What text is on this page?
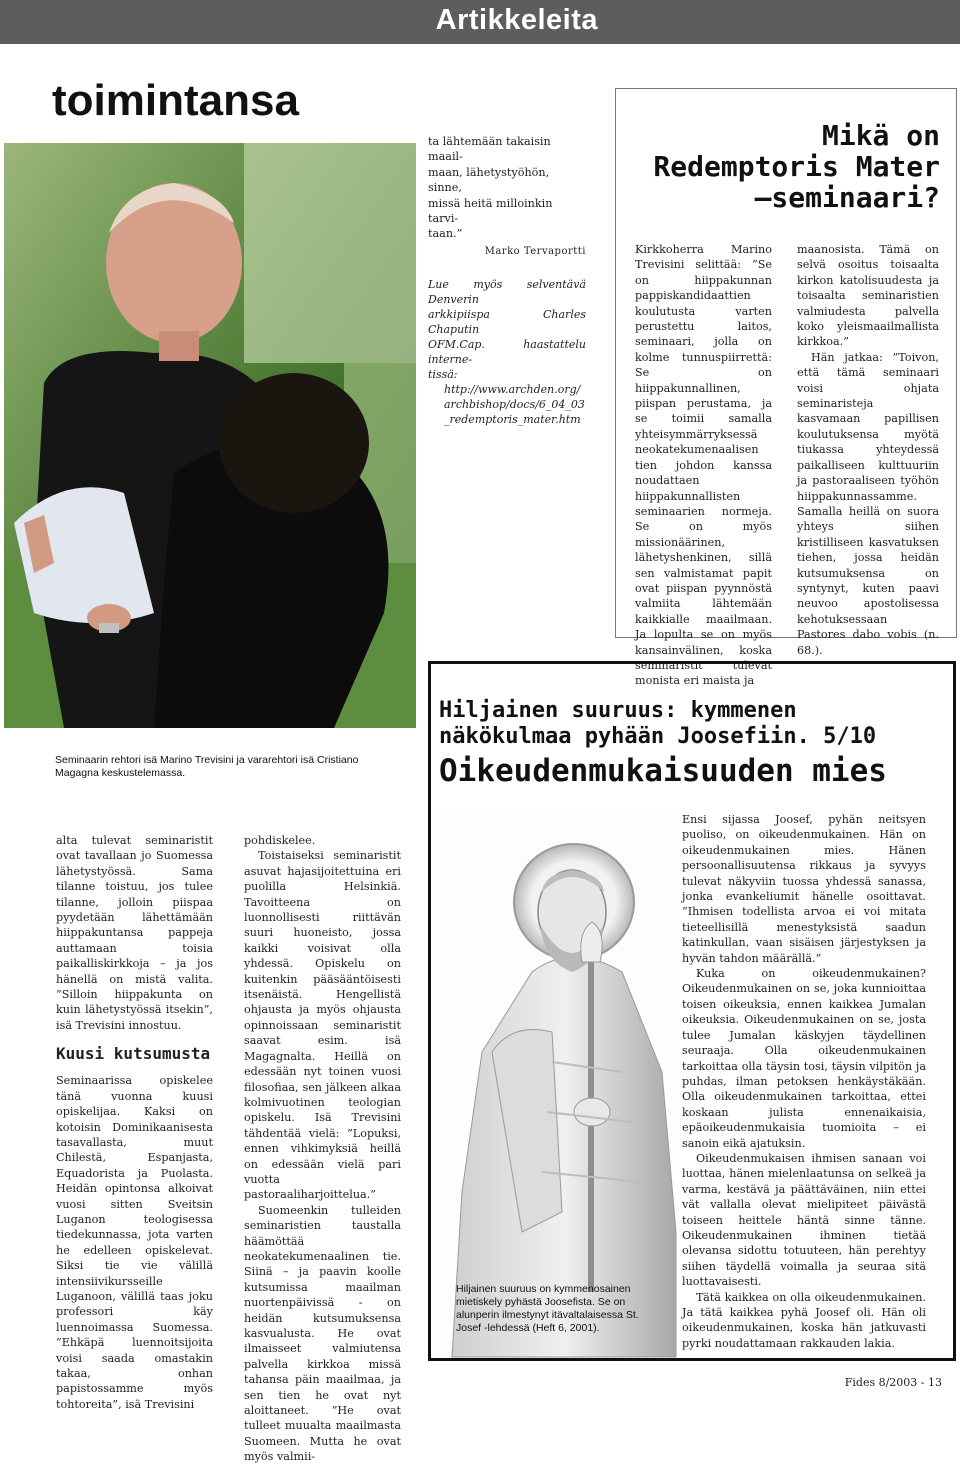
Artikkeleita
toimintansa
Seminaarin rehtori isä Marino Trevisini ja vararehtori isä Cristiano Magagna keskustelemassa.
ta lähtemään takaisin maail-
maan, lähetystyöhön, sinne,
missä heitä milloinkin tarvi-
taan.”
Marko Tervaportti
Lue myös selventävä Denverin
arkkipiispa Charles Chaputin
OFM.Cap. haastattelu interne-
tissä:
http://www.archden.org/
archbishop/docs/6_04_03
_redemptoris_mater.htm
Mikä on
Redemptoris Mater
–seminaari?

Kirkkoherra Marino Trevisini selittää: ”Se on hiippakunnan pappiskandidaattien koulutusta varten perustettu laitos, seminaari, jolla on kolme tunnuspiirrettä: Se on hiippakunnallinen, piispan perustama, ja se toimii samalla yhteisymmärryksessä neokatekumenaalisen tien johdon kanssa noudattaen hiippakunnallisten seminaarien normeja. Se on myös missionäärinen, lähetyshenkinen, sillä sen valmistamat papit ovat piispan pyynnöstä valmiita lähtemään kaikkialle maailmaan. Ja lopulta se on myös kansainvälinen, koska seminaristit tulevat monista eri maista ja

maanosista. Tämä on selvä osoitus toisaalta kirkon katolisuudesta ja toisaalta seminaristien valmiudesta palvella koko yleismaailmallista kirkkoa.”

Hän jatkaa: ”Toivon, että tämä seminaari voisi ohjata seminaristeja kasvamaan papillisen koulutuksensa myötä tiukassa yhteydessä paikalliseen kulttuuriin ja pastoraaliseen työhön hiippakunnassamme. Samalla heillä on suora yhteys siihen kristilliseen kasvatuksen tiehen, jossa heidän kutsumuksensa on syntynyt, kuten paavi neuvoo apostolisessa kehotuksessaan Pastores dabo vobis (n. 68.).

Hiljainen suuruus: kymmenen
näkökulmaa pyhään Joosefiin. 5/10
Oikeudenmukaisuuden mies
Hiljainen suuruus on kymmenosainen mietiskely pyhästä Joosefista. Se on alunperin ilmestynyt itävaltalaisessa St. Josef -lehdessä (Heft 6, 2001).

Ensi sijassa Joosef, pyhän neitsyen puoliso, on oikeudenmukainen. Hän on oikeudenmukainen mies. Hänen persoonallisuutensa rikkaus ja syvyys tulevat näkyviin tuossa yhdessä sanassa, jonka evankeliumit hänelle osoittavat. ”Ihmisen todellista arvoa ei voi mitata tieteellisillä menestyksistä saadun katinkullan, vaan sisäisen järjestyksen ja hyvän tahdon määrällä.”

Kuka on oikeudenmukainen? Oikeudenmukainen on se, joka kunnioittaa toisen oikeuksia, ennen kaikkea Jumalan oikeuksia. Oikeudenmukainen on se, josta tulee Jumalan käskyjen täydellinen seuraaja. Olla oikeudenmukainen tarkoittaa olla täysin tosi, täysin vilpitön ja puhdas, ilman petoksen henkäystäkään. Olla oikeudenmukainen tarkoittaa, ettei koskaan julista ennenaikaisia, epäoikeudenmukaisia tuomioita – ei sanoin eikä ajatuksin.

Oikeudenmukaisen ihmisen sanaan voi luottaa, hänen mielenlaatunsa on selkeä ja varma, kestävä ja päättäväinen, niin ettei vät vallalla olevat mielipiteet päivästä toiseen heittele häntä sinne tänne. Oikeudenmukainen ihminen tietää olevansa sidottu totuuteen, hän perehtyy siihen täydellä voimalla ja seuraa sitä luottavaisesti.

Tätä kaikkea on olla oikeudenmukainen. Ja tätä kaikkea pyhä Joosef oli. Hän oli oikeudenmukainen, koska hän jatkuvasti pyrki noudattamaan rakkauden lakia.

alta tulevat seminaristit ovat tavallaan jo Suomessa lähetystyössä. Sama tilanne toistuu, jos tulee tilanne, jolloin piispaa pyydetään lähettämään hiippakuntansa pappeja auttamaan toisia paikalliskirkkoja – ja jos hänellä on mistä valita. ”Silloin hiippakunta on kuin lähetystyössä itsekin”, isä Trevisini innostuu.

Kuusi kutsumusta

Seminaarissa opiskelee tänä vuonna kuusi opiskelijaa. Kaksi on kotoisin Dominikaanisesta tasavallasta, muut Chilestä, Espanjasta, Equadorista ja Puolasta. Heidän opintonsa alkoivat vuosi sitten Sveitsin Luganon teologisessa tiedekunnassa, jota varten he edelleen opiskelevat. Siksi tie vie välillä intensiivikursseille Luganoon, välillä taas joku professori käy luennoimassa Suomessa. ”Ehkäpä luennoitsijoita voisi saada omastakin takaa, onhan papistossamme myös tohtoreita”, isä Trevisini

pohdiskelee.

Toistaiseksi seminaristit asuvat hajasijoitettuina eri puolilla Helsinkiä. Tavoitteena on luonnollisesti riittävän suuri huoneisto, jossa kaikki voisivat olla yhdessä. Opiskelu on kuitenkin pääsääntöisesti itsenäistä. Hengellistä ohjausta ja myös ohjausta opinnoissaan seminaristit saavat esim. isä Magagnalta. Heillä on edessään nyt toinen vuosi filosofiaa, sen jälkeen alkaa kolmivuotinen teologian opiskelu. Isä Trevisini tähdentää vielä: ”Lopuksi, ennen vihkimyksiä heillä on edessään vielä pari vuotta pastoraaliharjoittelua.”

Suomeenkin tulleiden seminaristien taustalla häämöttää neokatekumenaalinen tie. Siinä – ja paavin koolle kutsumissa maailman nuortenpäivissä - on heidän kutsumuksensa kasvualusta. He ovat ilmaisseet valmiutensa palvella kirkkoa missä tahansa päin maailmaa, ja sen tien he ovat nyt aloittaneet. ”He ovat tulleet muualta maailmasta Suomeen. Mutta he ovat myös valmii-

Fides 8/2003 - 13
